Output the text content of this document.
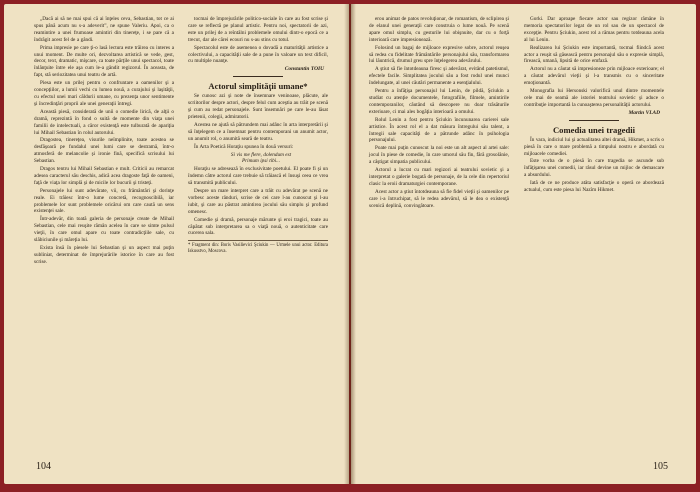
„Dacă ai să ne mai spui că ai înţeles ceva, Sebastian, tot ce ai spus până acum nu s-a adeverit”, ne spune Valeriu. Apoi, ca o reamintire a unei frumoase amintiri din tinereţe, i se pare că a îndrăgit acest fel de a gândi.

Prima impresie pe care ţi-o lasă lectura este trăirea cu interes a unui moment. De multe ori, dezvoltarea artistică se vede, gest, decor, text, dramatic, mişcare, ca toate părţile unui spectacol, toate înlănţuite între ele aşa cum le-a gândit regizorul. În aceasta, de fapt, stă seriozitatea unui teatru de artă.

Piesa este un prilej pentru o confruntare a oamenilor şi a concepţiilor, a lumii vechi cu lumea nouă, a curajului şi laşităţii, cu efectul unei mari căldurii umane, cu prezenţa unor sentimente şi încredinţări proprii ale unei generaţii întregi.

Această piesă, considerată de unii o comedie lirică, de alţii o dramă, reprezintă în fond o suită de momente din viaţa unei familii de intelectuali, a căror existenţă este tulburată de apariţia lui Mihail Sebastian în rolul autorului.

Dragostea, tinereţea, visurile neîmplinite, toate acestea se desfăşoară pe fundalul unei lumi care se destramă, într-o atmosferă de melancolie şi ironie fină, specifică scrisului lui Sebastian.

Dragos tentru lui Mihail Sebastian e mult. Criticii au remarcat adesea caracterul său deschis, adică acea dragoste faţă de oameni, faţă de viaţa lor simplă şi de micile lor bucurii şi tristeţi.

Personajele lui sunt adevărate, vii, cu frământări şi dorinţe reale. Ei trăiesc într-o lume concretă, recognoscibilă, iar problemele lor sunt problemele oricărui om care caută un sens existenţei sale.

Într-adevăr, din toată galeria de personaje create de Mihail Sebastian, cele mai reuşite rămân acelea în care se simte pulsul vieţii, în care omul apare cu toate contradicţiile sale, cu slăbiciunile şi măreţia lui.

Exista însă în piesele lui Sebastian şi un aspect mai puţin subliniat, determinat de împrejurările istorice în care au fost scrise.

tocmai de împrejurările politico-sociale în care au fost scrise şi care se reflectă pe planul artistic. Pentru noi, spectatorii de azi, este un prilej de a reîntâlni problemele omului dintr-o epocă ce a trecut, dar ale cărei ecouri nu s-au stins cu totul.

Spectacolul este de asemenea o dovadă a maturităţii artistice a colectivului, a capacităţii sale de a pune în valoare un text dificil, cu multiple nuanţe.

Constantin TOIU
Actorul simplităţii umane*

Se cunosc azi şi note de însemnare veninoase, plăcute, ale scriitorilor despre actori, despre felul cum aceştia au trăit pe scenă şi cum au redat personajele. Sunt însemnări pe care le-au lăsat prietenii, colegii, admiratorii.

Acestea ne ajută să pătrundem mai adânc în arta interpretării şi să înţelegem ce a însemnat pentru contemporani un anumit actor, un anumit rol, o anumită seară de teatru.

În Arta Poetică Horaţiu spunea în două versuri:

Si vis me flere, dolendum est
Primum ipsi tibi...

Horaţiu se adresează în exclusivitate poetului. El poate fi şi un îndemn către actorul care trebuie să trăiască el însuşi ceea ce vrea să transmită publicului.

Despre un mare interpret care a trăit cu adevărat pe scenă ne vorbesc aceste rânduri, scrise de cei care l-au cunoscut şi l-au iubit, şi care au păstrat amintirea jocului său simplu şi profund omenesc.

Comedie şi dramă, personaje mărunte şi eroi tragici, toate au căpătat sub interpretarea sa o viaţă nouă, o autenticitate care cucerea sala.

* Fragment din: Boris Vasilievici Şciukin — Urmele unui actor. Editura Iskusstvo, Moscova.
104

erou animat de patos revoluţionar, de romantism, de sclipirea şi de elanul unei generaţii care construia o lume nouă. Pe scenă apare omul simplu, cu gesturile lui obişnuite, dar cu o forţă interioară care impresionează.

Folosind un bagaj de mijloace expresive sobre, actorul reuşea să redea cu fidelitate frământările personajului său, transformarea lui lăuntrică, drumul greu spre înţelegerea adevărului.

A ştiut să fie întotdeauna firesc şi adevărat, evitând patetismul, efectele facile. Simplitatea jocului său a fost rodul unei munci îndelungate, al unei căutări permanente a esenţialului.

Pentru a înfăţişa personajul lui Lenin, de pildă, Şciukin a studiat cu atenţie documentele, fotografiile, filmele, amintirile contemporanilor, căutând să descopere nu doar trăsăturile exterioare, ci mai ales bogăţia interioară a omului.

Rolul Lenin a fost pentru Şciukin încununarea carierei sale artistice. În acest rol el a dat măsura întregului său talent, a întregii sale capacităţi de a pătrunde adânc în psihologia personajului.

Poate mai puţin cunoscut la noi este un alt aspect al artei sale: jocul în piese de comedie, în care umorul său fin, fără grosolănie, a câştigat simpatia publicului.

Actorul a lucrat cu mari regizori ai teatrului sovietic şi a interpretat o galerie bogată de personaje, de la cele din repertoriul clasic la eroii dramaturgiei contemporane.

Acest actor a ştiut întotdeauna să fie fidel vieţii şi oamenilor pe care i-a întruchipat, să le redea adevărul, să le dea o existenţă scenică deplină, convingătoare.

Gorki. Dar aproape fiecare actor sau regizor rămâne în memoria spectatorilor legat de un rol sau de un spectacol de excepţie. Pentru Şciukin, acest rol a rămas pentru totdeauna acela al lui Lenin.

Realizarea lui Şciukin este importantă, tocmai fiindcă acest actor a reuşit să găsească pentru personajul său o expresie simplă, firească, umană, lipsită de orice emfază.

Actorul nu a căutat să impresioneze prin mijloace exterioare; el a căutat adevărul vieţii şi l-a transmis cu o sinceritate emoţionantă.

Monografia lui Hersonski valorifică unul dintre momentele cele mai de seamă ale istoriei teatrului sovietic şi aduce o contribuţie importantă la cunoaşterea personalităţii actorului.

Martin VLAD
Comedia unei tragedii

În vara, indiciul lui şi actualitatea altei dramă, Hikmet, a scris o piesă în care o mare problemă a timpului nostru e abordată cu mijloacele comediei.

Este vorba de o piesă în care tragedia se ascunde sub înfăţişarea unei comedii, iar râsul devine un mijloc de demascare a absurdului.

Iată de ce ne produce atâta satisfacţie o operă ce abordează actualul, cum este piesa lui Nazîm Hikmet.

105
